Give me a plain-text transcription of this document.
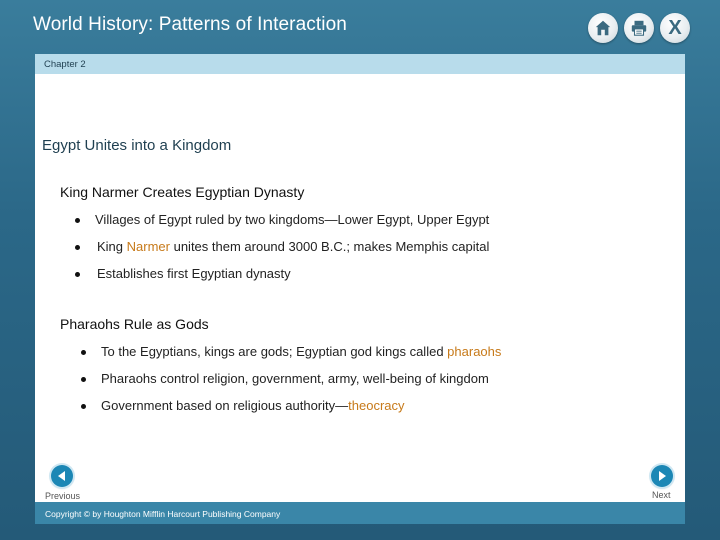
World History: Patterns of Interaction	X
Chapter 2
Egypt Unites into a Kingdom
King Narmer Creates Egyptian Dynasty
Villages of Egypt ruled by two kingdoms—Lower Egypt, Upper Egypt
King Narmer unites them around 3000 B.C.; makes Memphis capital
Establishes first Egyptian dynasty
Pharaohs Rule as Gods
To the Egyptians, kings are gods; Egyptian god kings called pharaohs
Pharaohs control religion, government, army, well-being of kingdom
Government based on religious authority—theocracy
Previous	Next
Copyright © by Houghton Mifflin Harcourt Publishing Company
